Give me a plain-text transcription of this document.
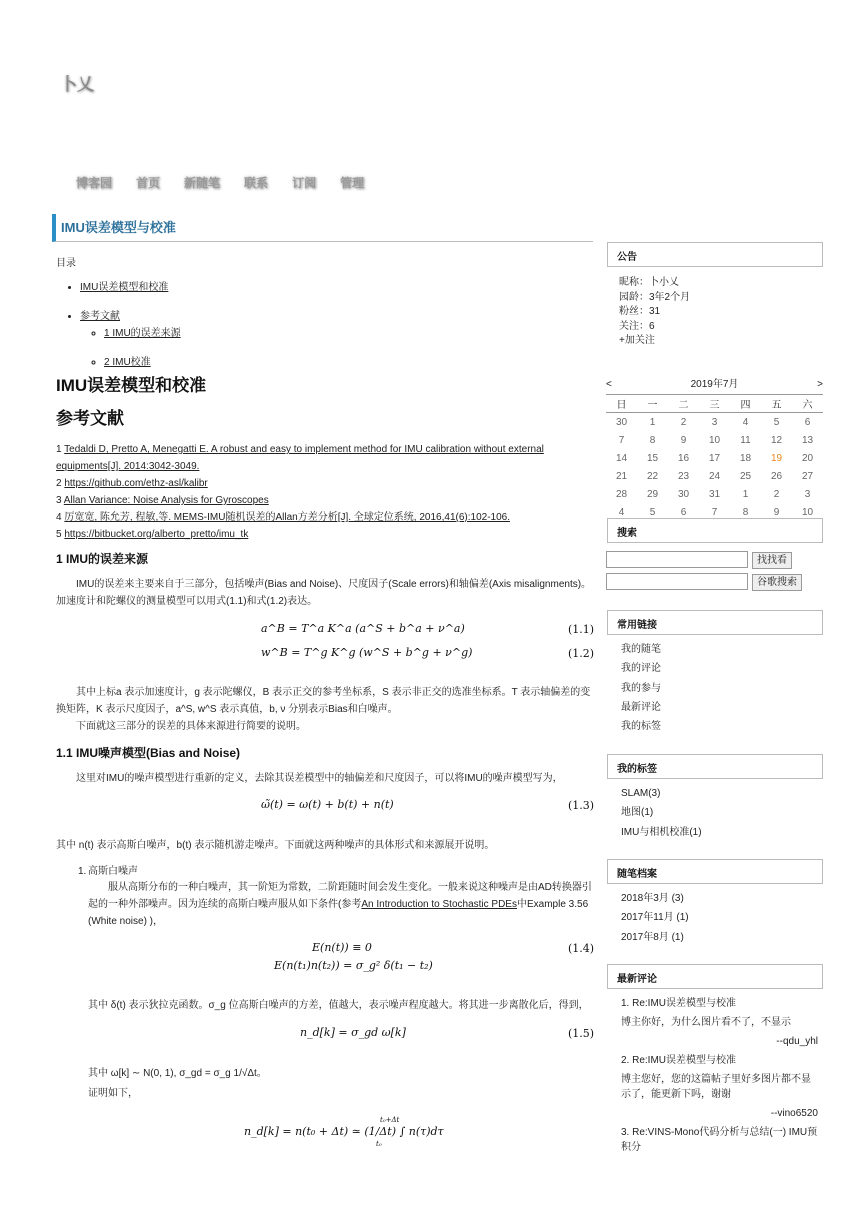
卜乂
博客园 首页 新随笔 联系 订阅 管理
IMU误差模型与校准
目录
• IMU误差模型和校准
• 参考文献
◦ 1 IMU的误差来源
◦ 2 IMU校准
IMU误差模型和校准
参考文献
1 Tedaldi D, Pretto A, Menegatti E. A robust and easy to implement method for IMU calibration without external equipments[J]. 2014:3042-3049.
2 https://github.com/ethz-asl/kalibr
3 Allan Variance: Noise Analysis for Gyroscopes
4 厉宽宽, 陈允芳, 程敏,等. MEMS-IMU随机误差的Allan方差分析[J]. 全球定位系统, 2016,41(6):102-106.
5 https://bitbucket.org/alberto_pretto/imu_tk
1 IMU的误差来源
IMU的误差来主要来自于三部分，包括噪声(Bias and Noise)、尺度因子(Scale errors)和轴偏差(Axis misalignments)。加速度计和陀螺仪的测量模型可以用式(1.1)和式(1.2)表达。
a^B = T^a K^a (a^S + b^a + ν^a)	(1.1)
w^B = T^g K^g (w^S + b^g + ν^g)	(1.2)
其中上标a 表示加速度计，g 表示陀螺仪，B 表示正交的参考坐标系，S 表示非正交的选准坐标系。T 表示轴偏差的变换矩阵，K 表示尺度因子，a^S, w^S 表示真值，b, ν 分别表示Bias和白噪声。
下面就这三部分的误差的具体来源进行简要的说明。
1.1 IMU噪声模型(Bias and Noise)
这里对IMU的噪声模型进行重新的定义，去除其误差模型中的轴偏差和尺度因子，可以将IMU的噪声模型写为，
ω̃(t) = ω(t) + b(t) + n(t)	(1.3)
其中 n(t) 表示高斯白噪声，b(t) 表示随机游走噪声。下面就这两种噪声的具体形式和来源展开说明。
1. 高斯白噪声
服从高斯分布的一种白噪声，其一阶矩为常数，二阶距随时间会发生变化。一般来说这种噪声是由AD转换器引起的一种外部噪声。因为连续的高斯白噪声服从如下条件(参考An Introduction to Stochastic PDEs中Example 3.56 (White noise) )，
E(n(t)) ≡ 0	(1.4)
E(n(t₁)n(t₂)) = σ_g² δ(t₁ − t₂)
其中 δ(t) 表示狄拉克函数。σ_g 位高斯白噪声的方差，值越大，表示噪声程度越大。将其进一步离散化后，得到，
n_d[k] = σ_gd ω[k]	(1.5)
其中 ω[k] ∼ N(0, 1), σ_gd = σ_g 1/√Δt。
证明如下，
n_d[k] = n(t₀ + Δt) ≃ (1/Δt) ∫ n(τ)dτ
t₀+Δt
t₀
公告
昵称：卜小乂
园龄：3年2个月
粉丝：31
关注：6
+加关注
<	2019年7月	>
日	一	二	三	四	五	六
30	1	2	3	4	5	6
7	8	9	10	11	12	13
14	15	16	17	18	19	20
21	22	23	24	25	26	27
28	29	30	31	1	2	3
4	5	6	7	8	9	10
搜索
找找看
谷歌搜索
常用链接
我的随笔
我的评论
我的参与
最新评论
我的标签
我的标签
SLAM(3)
地图(1)
IMU与相机校准(1)
随笔档案
2018年3月 (3)
2017年11月 (1)
2017年8月 (1)
最新评论
1. Re:IMU误差模型与校准
博主你好，为什么图片看不了，不显示
--qdu_yhl
2. Re:IMU误差模型与校准
博主您好，您的这篇帖子里好多图片都不显示了，能更新下吗，谢谢
--vino6520
3. Re:VINS-Mono代码分析与总结(一) IMU预积分
